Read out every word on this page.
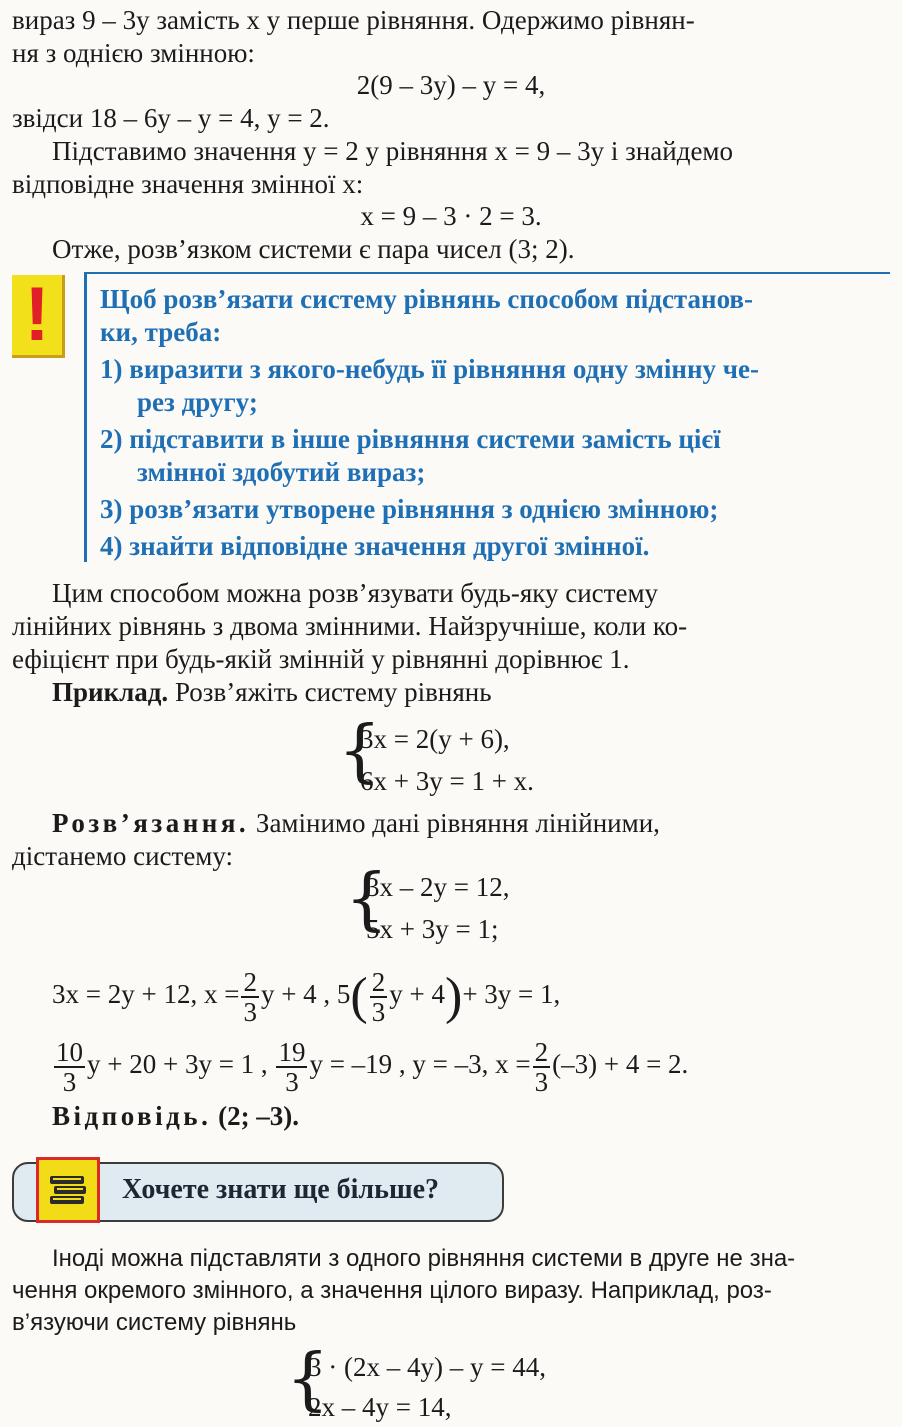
вираз 9 – 3y замість x у перше рівняння. Одержимо рівнян-
ня з однією змінною:
2(9 – 3y) – y = 4,
звідси 18 – 6y – y = 4, y = 2.
Підставимо значення y = 2 у рівняння x = 9 – 3y і знайдемо
відповідне значення змінної x:
x = 9 – 3 · 2 = 3.
Отже, розв’язком системи є пара чисел (3; 2).
!	Щоб розв’язати систему рівнянь способом підстанов-
ки, треба:
1) виразити з якого-небудь її рівняння одну змінну че-
рез другу;
2) підставити в інше рівняння системи замість цієї
змінної здобутий вираз;
3) розв’язати утворене рівняння з однією змінною;
4) знайти відповідне значення другої змінної.
Цим способом можна розв’язувати будь-яку систему
лінійних рівнянь з двома змінними. Найзручніше, коли ко-
ефіцієнт при будь-якій змінній у рівнянні дорівнює 1.
Приклад. Розв’яжіть систему рівнянь
{
3x = 2(y + 6),
6x + 3y = 1 + x.
Розв’язання. Замінимо дані рівняння лінійними,
дістанемо систему:
{
3x – 2y = 12,
5x + 3y = 1;
3x = 2y + 12, $x = \frac{2}{3}$ y + 4 , $5( \frac{2}{3}$ y + 4)+ 3y = 1,
$\frac{10}{3}$ y + 20 + 3y = 1 , $\frac{19}{3}$ y = –19 , y = –3, $x = \frac{2}{3} (-3) + 4 = 2$.
Відповідь. (2; –3).
Хочете знати ще більше?
Іноді можна підставляти з одного рівняння системи в друге не зна-
чення окремого змінного, а значення цілого виразу. Наприклад, роз-
в’язуючи систему рівнянь
{
3 · (2x – 4y) – y = 44,
2x – 4y = 14,
